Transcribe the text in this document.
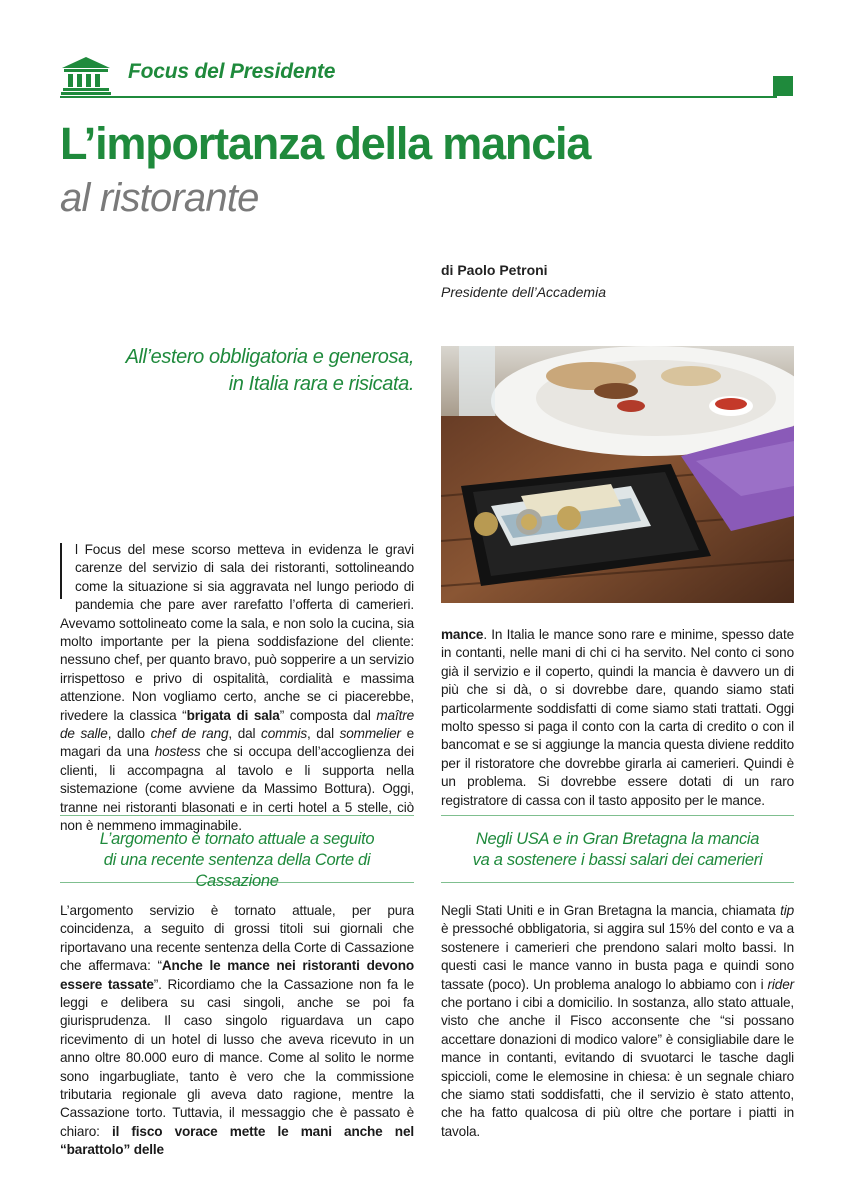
Focus del Presidente
L’importanza della mancia
al ristorante
di Paolo Petroni
Presidente dell’Accademia
All’estero obbligatoria e generosa,
in Italia rara e risicata.

l Focus del mese scorso metteva in evidenza le gravi carenze del servizio di sala dei ristoranti, sottolineando come la situazione si sia aggravata nel lungo periodo di pandemia che pare aver rarefatto l’offerta di camerieri. Avevamo sottolineato come la sala, e non solo la cucina, sia molto importante per la piena soddisfazione del cliente: nessuno chef, per quanto bravo, può sopperire a un servizio irrispettoso e privo di ospitalità, cordialità e massima attenzione. Non vogliamo certo, anche se ci piacerebbe, rivedere la classica “brigata di sala” composta dal maître de salle, dallo chef de rang, dal commis, dal sommelier e magari da una hostess che si occupa dell’accoglienza dei clienti, li accompagna al tavolo e li supporta nella sistemazione (come avviene da Massimo Bottura). Oggi, tranne nei ristoranti blasonati e in certi hotel a 5 stelle, ciò non è nemmeno immaginabile.

mance. In Italia le mance sono rare e minime, spesso date in contanti, nelle mani di chi ci ha servito. Nel conto ci sono già il servizio e il coperto, quindi la mancia è davvero un di più che si dà, o si dovrebbe dare, quando siamo stati particolarmente soddisfatti di come siamo stati trattati. Oggi molto spesso si paga il conto con la carta di credito o con il bancomat e se si aggiunge la mancia questa diviene reddito per il ristoratore che dovrebbe girarla ai camerieri. Quindi è un problema. Si dovrebbe essere dotati di un raro registratore di cassa con il tasto apposito per le mance.

L’argomento è tornato attuale a seguito
di una recente sentenza della Corte di Cassazione
Negli USA e in Gran Bretagna la mancia
va a sostenere i bassi salari dei camerieri

L’argomento servizio è tornato attuale, per pura coincidenza, a seguito di grossi titoli sui giornali che riportavano una recente sentenza della Corte di Cassazione che affermava: “Anche le mance nei ristoranti devono essere tassate”. Ricordiamo che la Cassazione non fa le leggi e delibera su casi singoli, anche se poi fa giurisprudenza. Il caso singolo riguardava un capo ricevimento di un hotel di lusso che aveva ricevuto in un anno oltre 80.000 euro di mance. Come al solito le norme sono ingarbugliate, tanto è vero che la commissione tributaria regionale gli aveva dato ragione, mentre la Cassazione torto. Tuttavia, il messaggio che è passato è chiaro: il fisco vorace mette le mani anche nel “barattolo” delle

Negli Stati Uniti e in Gran Bretagna la mancia, chiamata tip è pressoché obbligatoria, si aggira sul 15% del conto e va a sostenere i camerieri che prendono salari molto bassi. In questi casi le mance vanno in busta paga e quindi sono tassate (poco). Un problema analogo lo abbiamo con i rider che portano i cibi a domicilio. In sostanza, allo stato attuale, visto che anche il Fisco acconsente che “si possano accettare donazioni di modico valore” è consigliabile dare le mance in contanti, evitando di svuotarci le tasche dagli spiccioli, come le elemosine in chiesa: è un segnale chiaro che siamo stati soddisfatti, che il servizio è stato attento, che ha fatto qualcosa di più oltre che portare i piatti in tavola.
